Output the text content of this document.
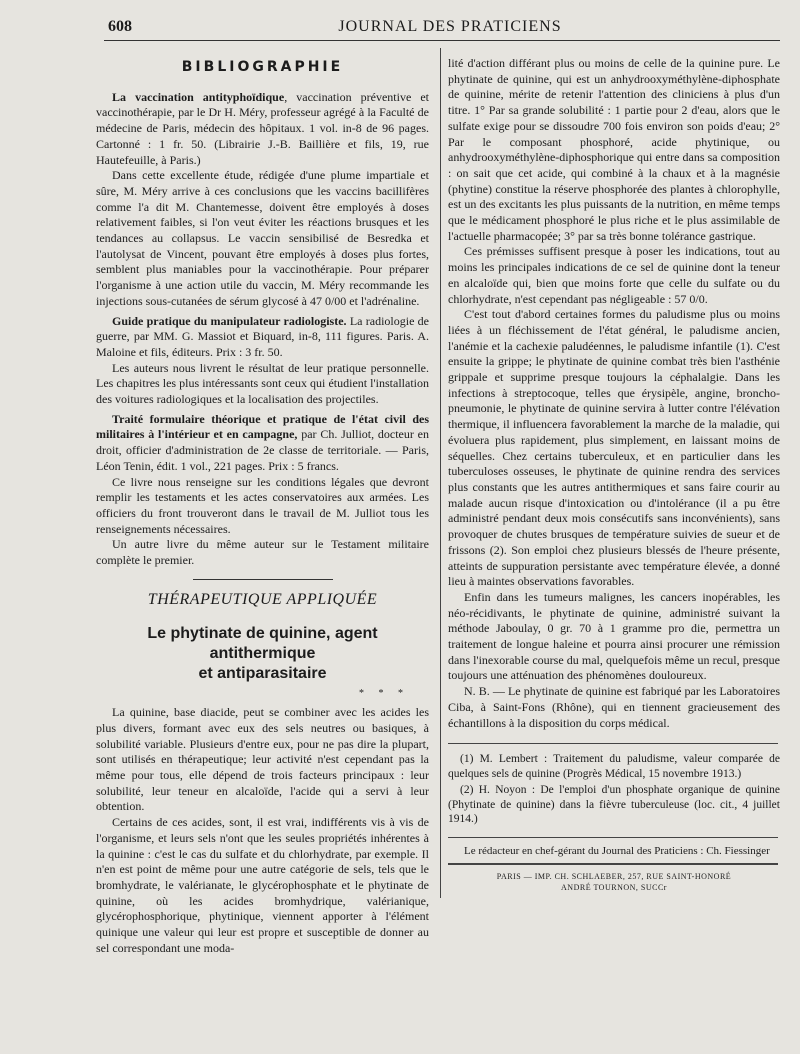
608	JOURNAL DES PRATICIENS
BIBLIOGRAPHIE

La vaccination antityphoïdique, vaccination préventive et vaccinothérapie, par le Dr H. Méry, professeur agrégé à la Faculté de médecine de Paris, médecin des hôpitaux. 1 vol. in-8 de 96 pages. Cartonné : 1 fr. 50. (Librairie J.-B. Baillière et fils, 19, rue Hautefeuille, à Paris.)

Dans cette excellente étude, rédigée d'une plume impartiale et sûre, M. Méry arrive à ces conclusions que les vaccins bacillifères comme l'a dit M. Chantemesse, doivent être employés à doses relativement faibles, si l'on veut éviter les réactions brusques et les tendances au collapsus. Le vaccin sensibilisé de Besredka et l'autolysat de Vincent, pouvant être employés à doses plus fortes, semblent plus maniables pour la vaccinothérapie. Pour préparer l'organisme à une action utile du vaccin, M. Méry recommande les injections sous-cutanées de sérum glycosé à 47 0/00 et l'adrénaline.

Guide pratique du manipulateur radiologiste. La radiologie de guerre, par MM. G. Massiot et Biquard, in-8, 111 figures. Paris. A. Maloine et fils, éditeurs. Prix : 3 fr. 50.

Les auteurs nous livrent le résultat de leur pratique personnelle. Les chapitres les plus intéressants sont ceux qui étudient l'installation des voitures radiologiques et la localisation des projectiles.

Traité formulaire théorique et pratique de l'état civil des militaires à l'intérieur et en campagne, par Ch. Julliot, docteur en droit, officier d'administration de 2e classe de territoriale. — Paris, Léon Tenin, édit. 1 vol., 221 pages. Prix : 5 francs.

Ce livre nous renseigne sur les conditions légales que devront remplir les testaments et les actes conservatoires aux armées. Les officiers du front trouveront dans le travail de M. Julliot tous les renseignements nécessaires.

Un autre livre du même auteur sur le Testament militaire complète le premier.

THÉRAPEUTIQUE APPLIQUÉE
Le phytinate de quinine, agent antithermique
et antiparasitaire
* * *

La quinine, base diacide, peut se combiner avec les acides les plus divers, formant avec eux des sels neutres ou basiques, à solubilité variable. Plusieurs d'entre eux, pour ne pas dire la plupart, sont utilisés en thérapeutique; leur activité n'est cependant pas la même pour tous, elle dépend de trois facteurs principaux : leur solubilité, leur teneur en alcaloïde, l'acide qui a servi à leur obtention.

Certains de ces acides, sont, il est vrai, indifférents vis à vis de l'organisme, et leurs sels n'ont que les seules propriétés inhérentes à la quinine : c'est le cas du sulfate et du chlorhydrate, par exemple. Il n'en est point de même pour une autre catégorie de sels, tels que le bromhydrate, le valérianate, le glycérophosphate et le phytinate de quinine, où les acides bromhydrique, valérianique, glycérophosphorique, phytinique, viennent apporter à l'élément quinique une valeur qui leur est propre et susceptible de donner au sel correspondant une moda-

lité d'action différant plus ou moins de celle de la quinine pure. Le phytinate de quinine, qui est un anhydrooxyméthylène-diphosphate de quinine, mérite de retenir l'attention des cliniciens à plus d'un titre. 1° Par sa grande solubilité : 1 partie pour 2 d'eau, alors que le sulfate exige pour se dissoudre 700 fois environ son poids d'eau; 2° Par le composant phosphoré, acide phytinique, ou anhydrooxyméthylène-diphosphorique qui entre dans sa composition : on sait que cet acide, qui combiné à la chaux et à la magnésie (phytine) constitue la réserve phosphorée des plantes à chlorophylle, est un des excitants les plus puissants de la nutrition, en même temps que le médicament phosphoré le plus riche et le plus assimilable de l'actuelle pharmacopée; 3° par sa très bonne tolérance gastrique.

Ces prémisses suffisent presque à poser les indications, tout au moins les principales indications de ce sel de quinine dont la teneur en alcaloïde qui, bien que moins forte que celle du sulfate ou du chlorhydrate, n'est cependant pas négligeable : 57 0/0.

C'est tout d'abord certaines formes du paludisme plus ou moins liées à un fléchissement de l'état général, le paludisme ancien, l'anémie et la cachexie paludéennes, le paludisme infantile (1). C'est ensuite la grippe; le phytinate de quinine combat très bien l'asthénie grippale et supprime presque toujours la céphalalgie. Dans les infections à streptocoque, telles que érysipèle, angine, broncho-pneumonie, le phytinate de quinine servira à lutter contre l'élévation thermique, il influencera favorablement la marche de la maladie, qui évoluera plus rapidement, plus simplement, en laissant moins de séquelles. Chez certains tuberculeux, et en particulier dans les tuberculoses osseuses, le phytinate de quinine rendra des services plus constants que les autres antithermiques et sans faire courir au malade aucun risque d'intoxication ou d'intolérance (il a pu être administré pendant deux mois consécutifs sans inconvénients), sans provoquer de chutes brusques de température suivies de sueur et de frissons (2). Son emploi chez plusieurs blessés de l'heure présente, atteints de suppuration persistante avec température élevée, a donné lieu à maintes observations favorables.

Enfin dans les tumeurs malignes, les cancers inopérables, les néo-récidivants, le phytinate de quinine, administré suivant la méthode Jaboulay, 0 gr. 70 à 1 gramme pro die, permettra un traitement de longue haleine et pourra ainsi procurer une rémission dans l'inexorable course du mal, quelquefois même un recul, presque toujours une atténuation des phénomènes douloureux.

N. B. — Le phytinate de quinine est fabriqué par les Laboratoires Ciba, à Saint-Fons (Rhône), qui en tiennent gracieusement des échantillons à la disposition du corps médical.

(1) M. Lembert : Traitement du paludisme, valeur comparée de quelques sels de quinine (Progrès Médical, 15 novembre 1913.)

(2) H. Noyon : De l'emploi d'un phosphate organique de quinine (Phytinate de quinine) dans la fièvre tuberculeuse (loc. cit., 4 juillet 1914.)

Le rédacteur en chef-gérant du Journal des Praticiens : Ch. Fiessinger

PARIS — IMP. CH. SCHLAEBER, 257, RUE SAINT-HONORÉ
ANDRÉ TOURNON, SUCCr
